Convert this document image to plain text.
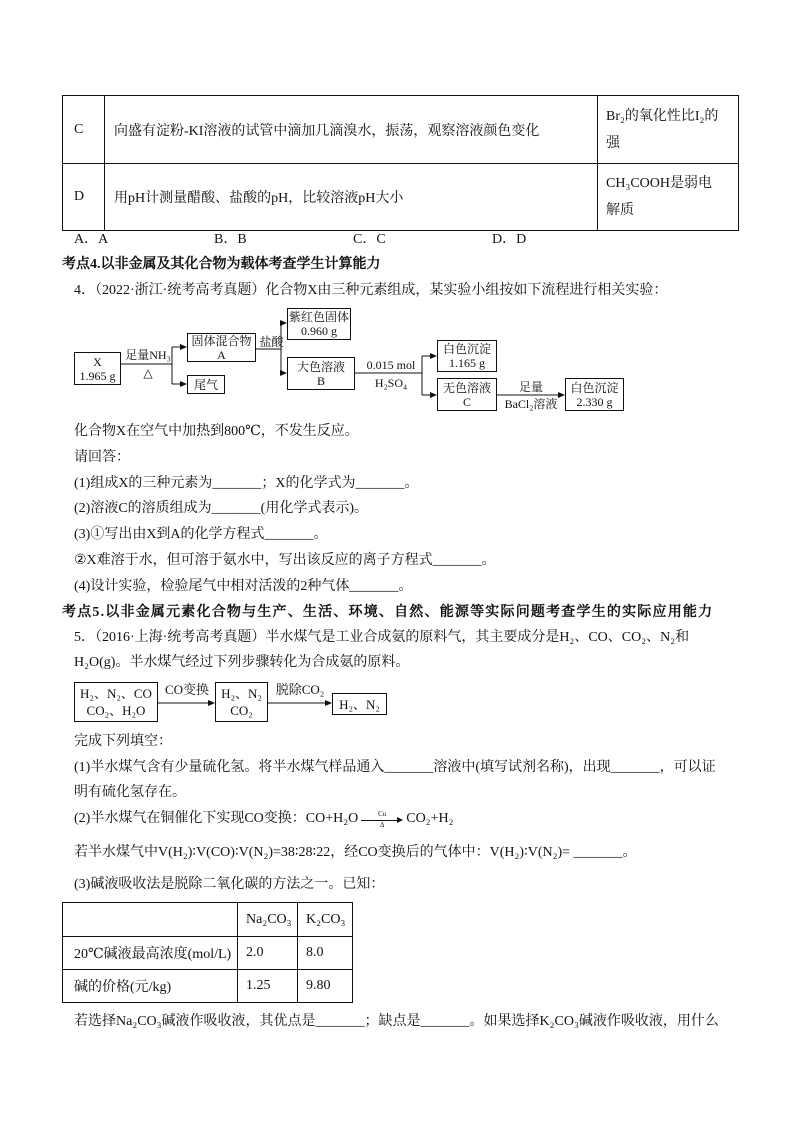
C	向盛有淀粉-KI溶液的试管中滴加几滴溴水，振荡，观察溶液颜色变化	Br₂的氧化性比I₂的
强

D	用pH计测量醋酸、盐酸的pH，比较溶液pH大小	CH₃COOH是弱电
解质
A．A	B．B	C．C	D．D
考点4.以非金属及其化合物为载体考查学生计算能力
4．（2022·浙江·统考高考真题）化合物X由三种元素组成，某实验小组按如下流程进行相关实验：
X
1.965 g
足量NH₃
△
固体混合物
A
尾气
盐酸
紫红色固体
0.960 g
大色溶液
B
0.015 mol
H₂SO₄
白色沉淀
1.165 g
无色溶液
C
足量
BaCl₂溶液
白色沉淀
2.330 g
化合物X在空气中加热到800℃，不发生反应。
请回答：
(1)组成X的三种元素为_______；X的化学式为_______。
(2)溶液C的溶质组成为_______(用化学式表示)。
(3)①写出由X到A的化学方程式_______。
②X难溶于水，但可溶于氨水中，写出该反应的离子方程式_______。
(4)设计实验，检验尾气中相对活泼的2种气体_______。
考点5.以非金属元素化合物与生产、生活、环境、自然、能源等实际问题考查学生的实际应用能力
5．（2016·上海·统考高考真题）半水煤气是工业合成氨的原料气，其主要成分是H₂、CO、CO₂、N₂和
H₂O(g)。半水煤气经过下列步骤转化为合成氨的原料。
H₂、N₂、CO
CO₂、H₂O
CO变换 H₂、N₂
CO₂
脱除CO₂
H₂、N₂
完成下列填空：
(1)半水煤气含有少量硫化氢。将半水煤气样品通入_______溶液中(填写试剂名称)，出现_______，可以证
明有硫化氢存在。
(2)半水煤气在铜催化下实现CO变换： CO+H₂O	Cu
Δ	CO₂+H₂
若半水煤气中V(H₂)∶V(CO)∶V(N₂)=38∶28∶22，经CO变换后的气体中：V(H₂)∶V(N₂)= _______。
(3)碱液吸收法是脱除二氧化碳的方法之一。已知：
	Na₂CO₃	K₂CO₃
20℃碱液最高浓度(mol/L)	2.0	8.0
碱的价格(元/kg)	1.25	9.80
若选择Na₂CO₃碱液作吸收液，其优点是_______；缺点是_______。如果选择K₂CO₃碱液作吸收液，用什么
